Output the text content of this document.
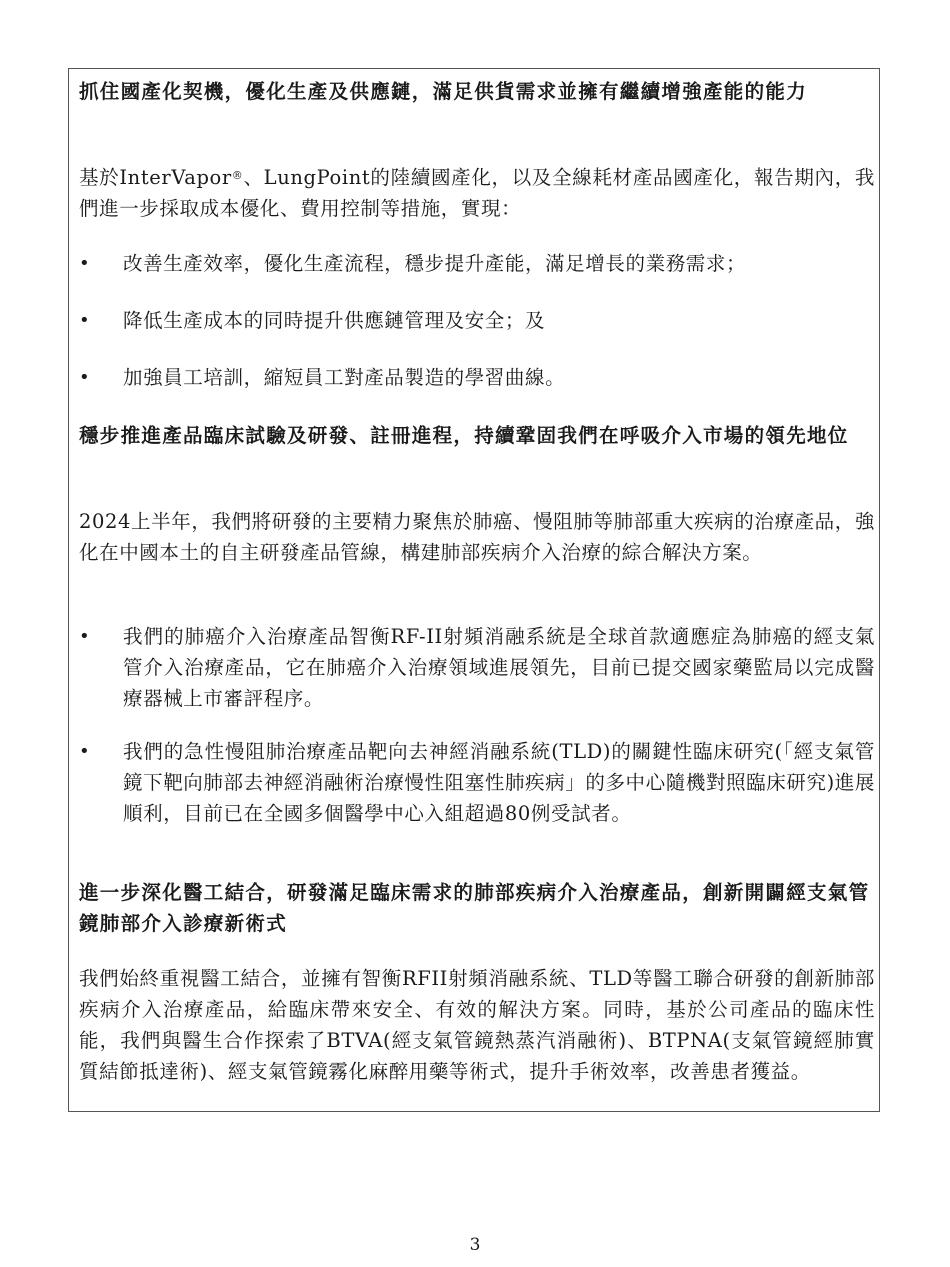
抓住國產化契機，優化生產及供應鏈，滿足供貨需求並擁有繼續增強產能的能力

基於InterVapor®、LungPoint的陸續國產化，以及全線耗材產品國產化，報告期內，我們進一步採取成本優化、費用控制等措施，實現：

•	改善生產效率，優化生產流程，穩步提升產能，滿足增長的業務需求；
•	降低生產成本的同時提升供應鏈管理及安全；及
•	加強員工培訓，縮短員工對產品製造的學習曲線。
穩步推進產品臨床試驗及研發、註冊進程，持續鞏固我們在呼吸介入市場的領先地位

2024上半年，我們將研發的主要精力聚焦於肺癌、慢阻肺等肺部重大疾病的治療產品，強化在中國本土的自主研發產品管線，構建肺部疾病介入治療的綜合解決方案。

•	我們的肺癌介入治療產品智衡RF-II射頻消融系統是全球首款適應症為肺癌的經支氣管介入治療產品，它在肺癌介入治療領域進展領先，目前已提交國家藥監局以完成醫療器械上市審評程序。
•	我們的急性慢阻肺治療產品靶向去神經消融系統(TLD)的關鍵性臨床研究(「經支氣管鏡下靶向肺部去神經消融術治療慢性阻塞性肺疾病」的多中心隨機對照臨床研究)進展順利，目前已在全國多個醫學中心入組超過80例受試者。
進一步深化醫工結合，研發滿足臨床需求的肺部疾病介入治療產品，創新開闢經支氣管鏡肺部介入診療新術式

我們始終重視醫工結合，並擁有智衡RFII射頻消融系統、TLD等醫工聯合研發的創新肺部疾病介入治療產品，給臨床帶來安全、有效的解決方案。同時，基於公司產品的臨床性能，我們與醫生合作探索了BTVA(經支氣管鏡熱蒸汽消融術)、BTPNA(支氣管鏡經肺實質結節抵達術)、經支氣管鏡霧化麻醉用藥等術式，提升手術效率，改善患者獲益。

3
